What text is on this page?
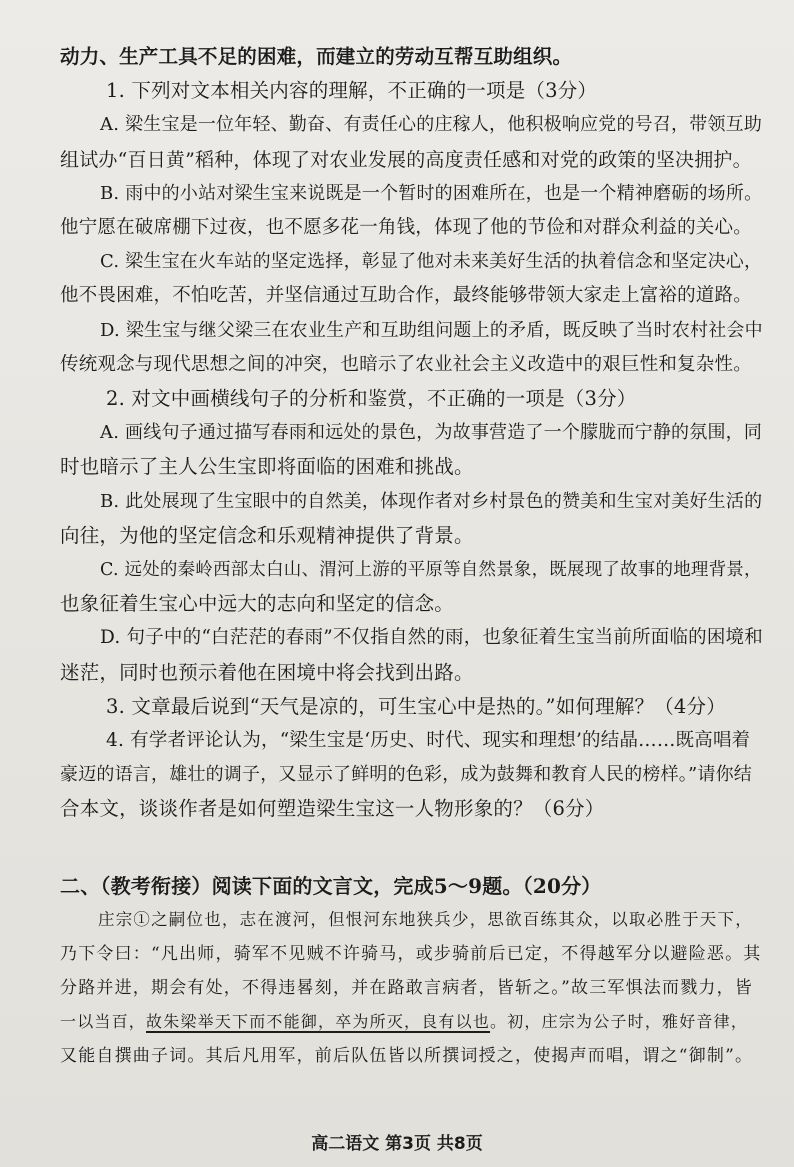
动力、生产工具不足的困难，而建立的劳动互帮互助组织。
1. 下列对文本相关内容的理解，不正确的一项是（3分）
A. 梁生宝是一位年轻、勤奋、有责任心的庄稼人，他积极响应党的号召，带领互助
组试办“百日黄”稻种，体现了对农业发展的高度责任感和对党的政策的坚决拥护。
B. 雨中的小站对梁生宝来说既是一个暂时的困难所在，也是一个精神磨砺的场所。
他宁愿在破席棚下过夜，也不愿多花一角钱，体现了他的节俭和对群众利益的关心。
C. 梁生宝在火车站的坚定选择，彰显了他对未来美好生活的执着信念和坚定决心，
他不畏困难，不怕吃苦，并坚信通过互助合作，最终能够带领大家走上富裕的道路。
D. 梁生宝与继父梁三在农业生产和互助组问题上的矛盾，既反映了当时农村社会中
传统观念与现代思想之间的冲突，也暗示了农业社会主义改造中的艰巨性和复杂性。
2. 对文中画横线句子的分析和鉴赏，不正确的一项是（3分）
A. 画线句子通过描写春雨和远处的景色，为故事营造了一个朦胧而宁静的氛围，同
时也暗示了主人公生宝即将面临的困难和挑战。
B. 此处展现了生宝眼中的自然美，体现作者对乡村景色的赞美和生宝对美好生活的
向往，为他的坚定信念和乐观精神提供了背景。
C. 远处的秦岭西部太白山、渭河上游的平原等自然景象，既展现了故事的地理背景，
也象征着生宝心中远大的志向和坚定的信念。
D. 句子中的“白茫茫的春雨”不仅指自然的雨，也象征着生宝当前所面临的困境和
迷茫，同时也预示着他在困境中将会找到出路。
3. 文章最后说到“天气是凉的，可生宝心中是热的。”如何理解？（4分）
4. 有学者评论认为，“梁生宝是‘历史、时代、现实和理想’的结晶……既高唱着
豪迈的语言，雄壮的调子，又显示了鲜明的色彩，成为鼓舞和教育人民的榜样。”请你结
合本文，谈谈作者是如何塑造梁生宝这一人物形象的？（6分）
二、（教考衔接）阅读下面的文言文，完成5～9题。（20分）
庄宗①之嗣位也，志在渡河，但恨河东地狭兵少，思欲百练其众，以取必胜于天下，
乃下令曰：“凡出师，骑军不见贼不许骑马，或步骑前后已定，不得越军分以避险恶。其
分路并进，期会有处，不得违晷刻，并在路敢言病者，皆斩之。”故三军惧法而戮力，皆
一以当百，故朱梁举天下而不能御，卒为所灭，良有以也。初，庄宗为公子时，雅好音律，
又能自撰曲子词。其后凡用军，前后队伍皆以所撰词授之，使揭声而唱，谓之“御制”。
高二语文 第3页 共8页
